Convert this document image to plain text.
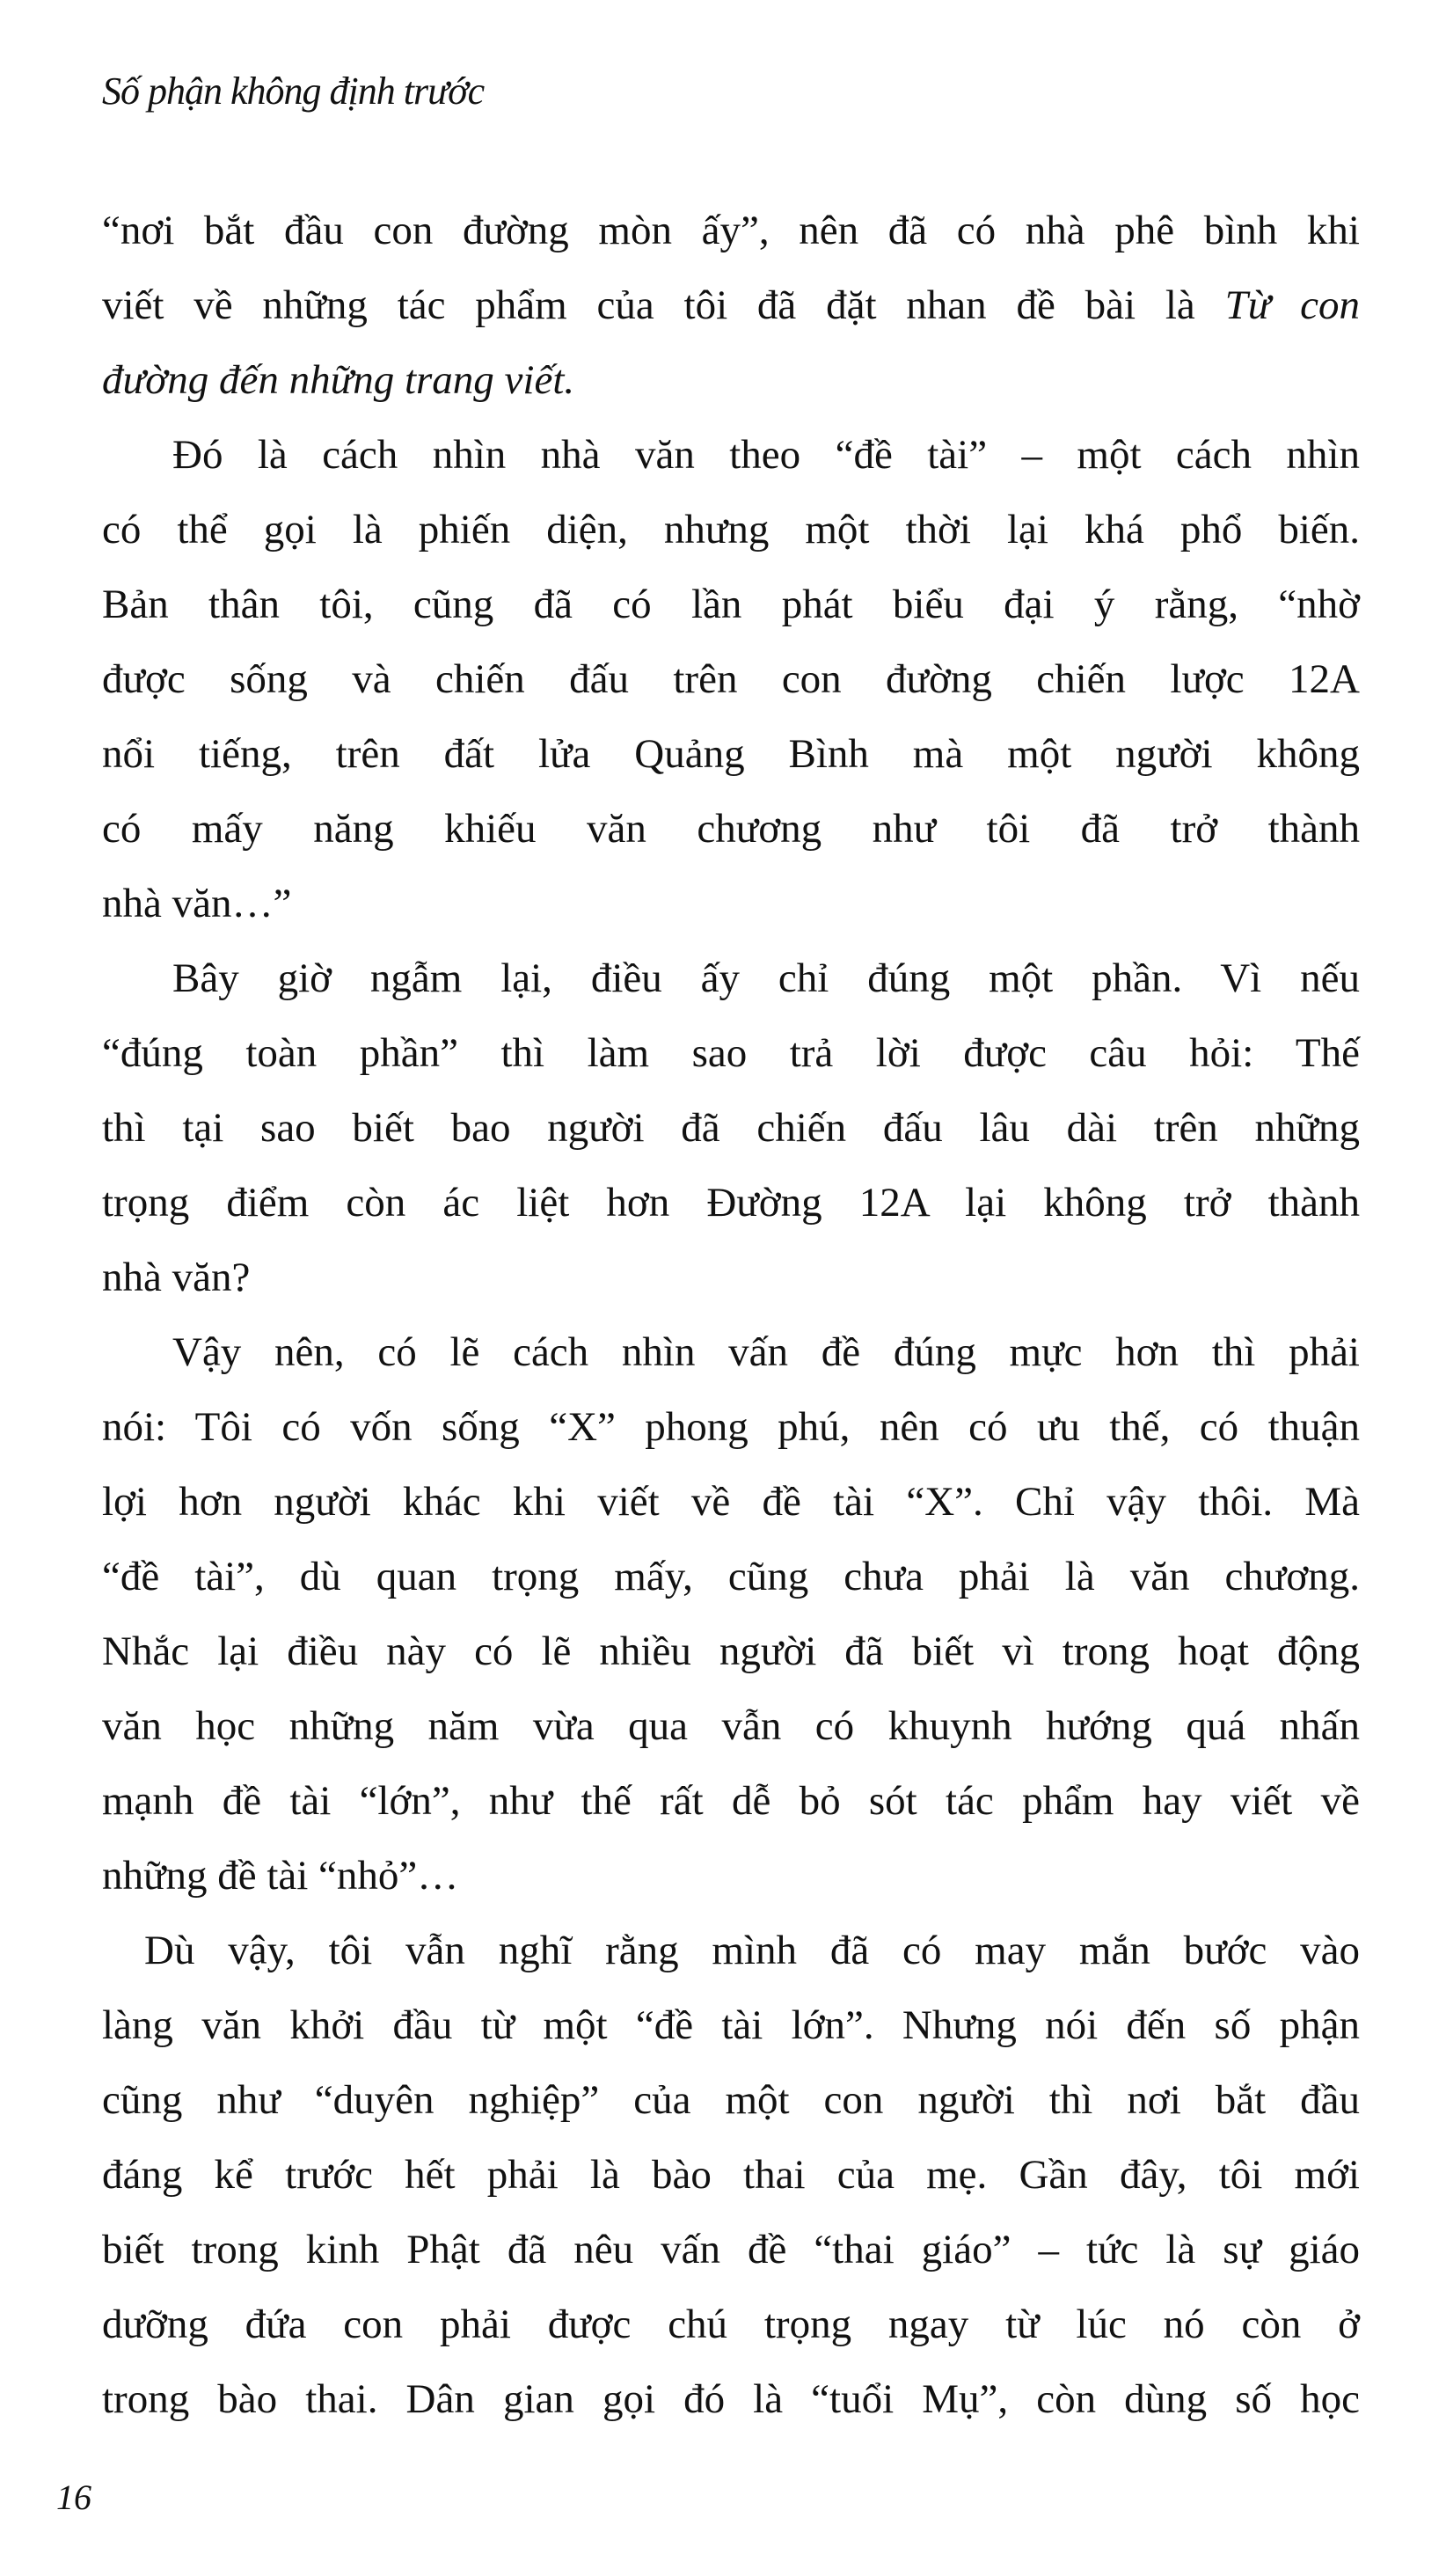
Số phận không định trước
“nơi bắt đầu con đường mòn ấy”, nên đã có nhà phê bình khi
viết về những tác phẩm của tôi đã đặt nhan đề bài là Từ con
đường đến những trang viết.
Đó là cách nhìn nhà văn theo “đề tài” – một cách nhìn
có thể gọi là phiến diện, nhưng một thời lại khá phổ biến.
Bản thân tôi, cũng đã có lần phát biểu đại ý rằng, “nhờ
được sống và chiến đấu trên con đường chiến lược 12A
nổi tiếng, trên đất lửa Quảng Bình mà một người không
có mấy năng khiếu văn chương như tôi đã trở thành
nhà văn…”
Bây giờ ngẫm lại, điều ấy chỉ đúng một phần. Vì nếu
“đúng toàn phần” thì làm sao trả lời được câu hỏi: Thế
thì tại sao biết bao người đã chiến đấu lâu dài trên những
trọng điểm còn ác liệt hơn Đường 12A lại không trở thành
nhà văn?
Vậy nên, có lẽ cách nhìn vấn đề đúng mực hơn thì phải
nói: Tôi có vốn sống “X” phong phú, nên có ưu thế, có thuận
lợi hơn người khác khi viết về đề tài “X”. Chỉ vậy thôi. Mà
“đề tài”, dù quan trọng mấy, cũng chưa phải là văn chương.
Nhắc lại điều này có lẽ nhiều người đã biết vì trong hoạt động
văn học những năm vừa qua vẫn có khuynh hướng quá nhấn
mạnh đề tài “lớn”, như thế rất dễ bỏ sót tác phẩm hay viết về
những đề tài “nhỏ”…
Dù vậy, tôi vẫn nghĩ rằng mình đã có may mắn bước vào
làng văn khởi đầu từ một “đề tài lớn”. Nhưng nói đến số phận
cũng như “duyên nghiệp” của một con người thì nơi bắt đầu
đáng kể trước hết phải là bào thai của mẹ. Gần đây, tôi mới
biết trong kinh Phật đã nêu vấn đề “thai giáo” – tức là sự giáo
dưỡng đứa con phải được chú trọng ngay từ lúc nó còn ở
trong bào thai. Dân gian gọi đó là “tuổi Mụ”, còn dùng số học
16
